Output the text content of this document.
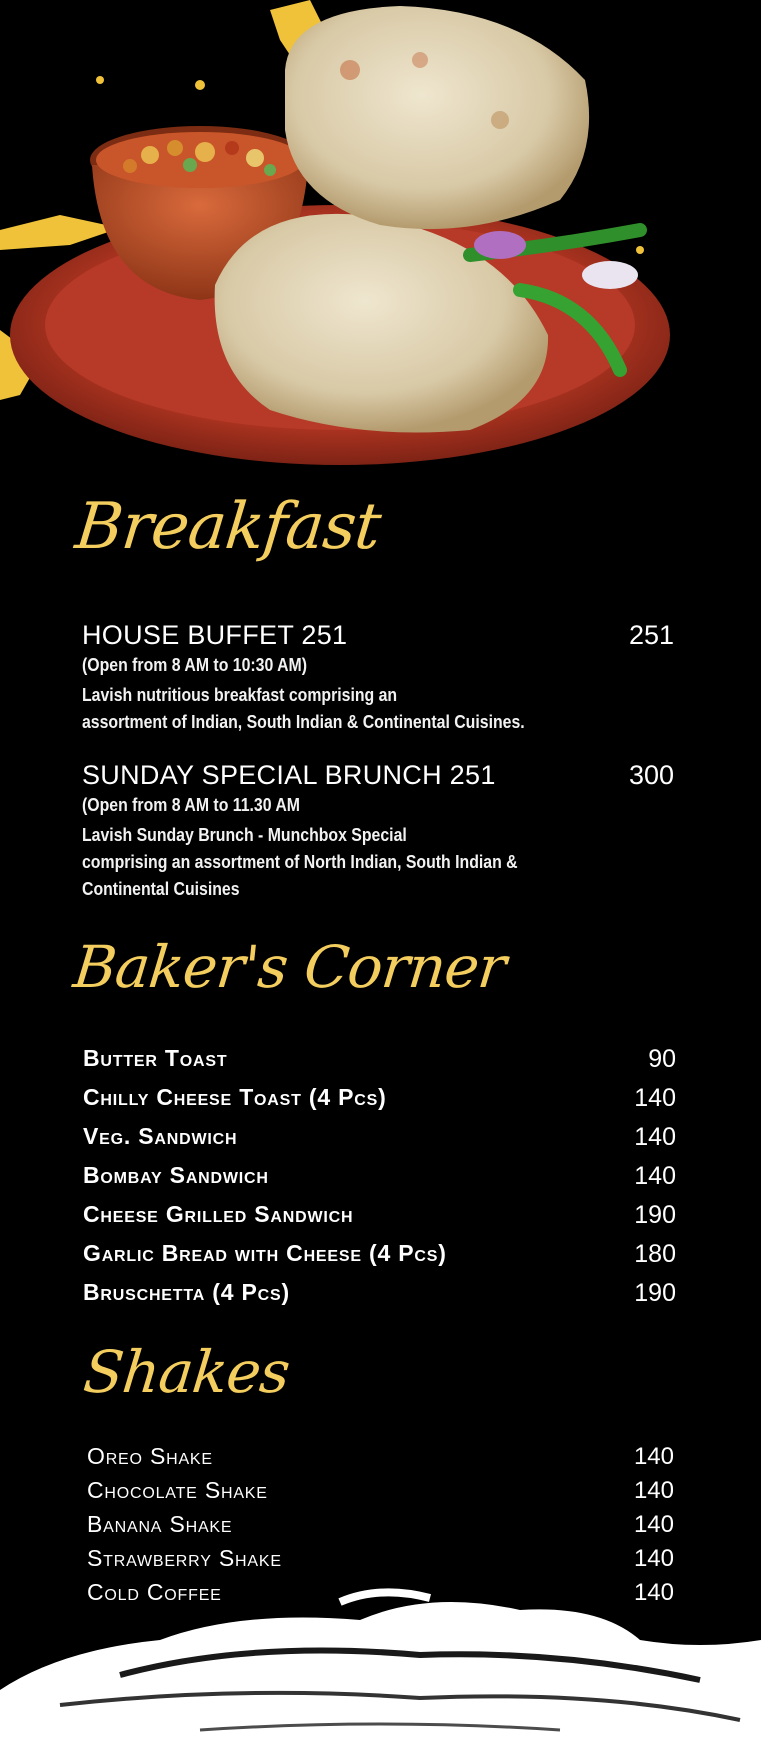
Breakfast
HOUSE BUFFET 251	251
(Open from 8 AM to 10:30 AM)
Lavish nutritious breakfast comprising an
assortment of Indian, South Indian & Continental Cuisines.
SUNDAY SPECIAL BRUNCH 251	300
(Open from 8 AM to 11.30 AM
Lavish Sunday Brunch - Munchbox Special
comprising an assortment of North Indian, South Indian &
Continental Cuisines
Baker's Corner
Butter Toast	90
Chilly Cheese Toast (4 Pcs)	140
Veg. Sandwich	140
Bombay Sandwich	140
Cheese Grilled Sandwich	190
Garlic Bread with Cheese (4 Pcs)	180
Bruschetta (4 Pcs)	190
Shakes
Oreo Shake	140
Chocolate Shake	140
Banana Shake	140
Strawberry Shake	140
Cold Coffee	140
